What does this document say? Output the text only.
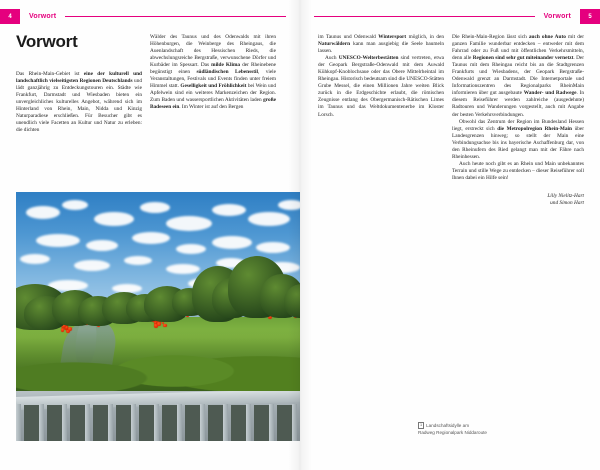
4	Vorwort
Vorwort

Das Rhein-Main-Gebiet ist eine der kulturell und landschaftlich vielseitigsten Regionen Deutschlands und lädt ganzjährig zu Entdeckungstouren ein. Städte wie Frankfurt, Darmstadt und Wiesbaden bieten ein unvergleichliches kulturelles Angebot, während sich im Hinterland von Rhein, Main, Nidda und Kinzig Naturparadiese erschließen. Für Besucher gibt es unendlich viele Facetten an Kultur und Natur zu erleben: die dichten

Wälder des Taunus und des Odenwalds mit ihren Höhenburgen, die Weinberge des Rheingaus, die Auenlandschaft des Hessischen Rieds, die abwechslungsreiche Bergstraße, verwunschene Dörfer und Kurbäder im Spessart. Das milde Klima der Rheinebene begünstigt einen südländischen Lebensstil, viele Veranstaltungen, Festivals und Events finden unter freiem Himmel statt. Geselligkeit und Fröhlichkeit bei Wein und Apfelwein sind ein weiteres Markenzeichen der Region. Zum Baden und wassersportlichen Aktivitäten laden große Badeseen ein. Im Winter ist auf den Bergen

Vorwort	5

im Taunus und Odenwald Wintersport möglich, in den Naturwäldern kann man ausgiebig die Seele baumeln lassen.

Auch UNESCO-Welterbestätten sind vertreten, etwa der Geopark Bergstraße-Odenwald mit dem Auwald Kühkopf-Knoblochsaue oder das Obere Mittelrheintal im Rheingau. Historisch bedeutsam sind die UNESCO-Stätten Grube Messel, die einen Millionen Jahre weiten Blick zurück in die Erdgeschichte erlaubt, die römischen Zeugnisse entlang des Obergermanisch-Rätischen Limes im Taunus und das Weltdokumentenerbe im Kloster Lorsch.

Die Rhein-Main-Region lässt sich auch ohne Auto mit der ganzen Familie wunderbar entdecken – entweder mit dem Fahrrad oder zu Fuß und mit öffentlichen Verkehrsmitteln, denn alle Regionen sind sehr gut miteinander vernetzt. Der Taunus mit dem Rheingau reicht bis an die Stadtgrenzen Frankfurts und Wiesbadens, der Geopark Bergstraße-Odenwald grenzt an Darmstadt. Die Internetportale und Informationszentren des Regionalparks RheinMain informieren über gut ausgebaute Wander- und Radwege. In diesem Reiseführer werden zahlreiche (ausgedehnte) Radtouren und Wanderungen vorgestellt, auch mit Angabe der besten Verkehrsverbindungen.

Obwohl das Zentrum der Region im Bundesland Hessen liegt, erstreckt sich die Metropolregion Rhein-Main über Landesgrenzen hinweg; so stellt der Main eine Verbindungsachse bis ins bayerische Aschaffenburg dar, von den Rheinufern des Ried gelangt man mit der Fähre nach Rheinhessen.

Auch heute noch gibt es an Rhein und Main unbekanntes Terrain und stille Wege zu entdecken – dieser Reiseführer soll Ihnen dabei ein Hilfe sein!

Lilly Nielitz-Hart
und Simon Hart
1 Landschaftsidylle am
Radweg Regionalpark Niddaroute
